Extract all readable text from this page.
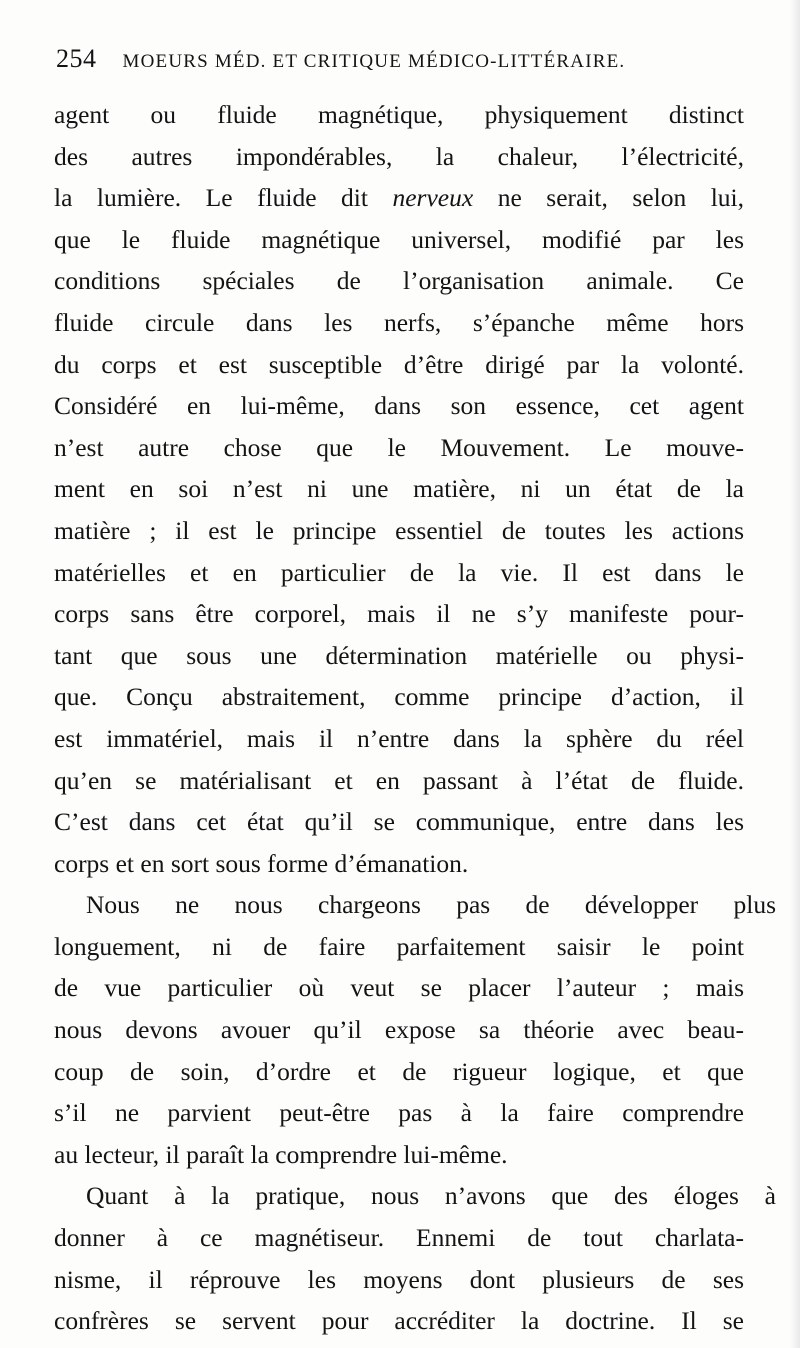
254 MOEURS MÉD. ET CRITIQUE MÉDICO-LITTÉRAIRE.
agent ou fluide magnétique, physiquement distinct
des autres impondérables, la chaleur, l’électricité,
la lumière. Le fluide dit nerveux ne serait, selon lui,
que le fluide magnétique universel, modifié par les
conditions spéciales de l’organisation animale. Ce
fluide circule dans les nerfs, s’épanche même hors
du corps et est susceptible d’être dirigé par la volonté.
Considéré en lui-même, dans son essence, cet agent
n’est autre chose que le Mouvement. Le mouve-
ment en soi n’est ni une matière, ni un état de la
matière ; il est le principe essentiel de toutes les actions
matérielles et en particulier de la vie. Il est dans le
corps sans être corporel, mais il ne s’y manifeste pour-
tant que sous une détermination matérielle ou physi-
que. Conçu abstraitement, comme principe d’action, il
est immatériel, mais il n’entre dans la sphère du réel
qu’en se matérialisant et en passant à l’état de fluide.
C’est dans cet état qu’il se communique, entre dans les
corps et en sort sous forme d’émanation.
Nous ne nous chargeons pas de développer plus
longuement, ni de faire parfaitement saisir le point
de vue particulier où veut se placer l’auteur ; mais
nous devons avouer qu’il expose sa théorie avec beau-
coup de soin, d’ordre et de rigueur logique, et que
s’il ne parvient peut-être pas à la faire comprendre
au lecteur, il paraît la comprendre lui-même.
Quant à la pratique, nous n’avons que des éloges à
donner à ce magnétiseur. Ennemi de tout charlata-
nisme, il réprouve les moyens dont plusieurs de ses
confrères se servent pour accréditer la doctrine. Il se
